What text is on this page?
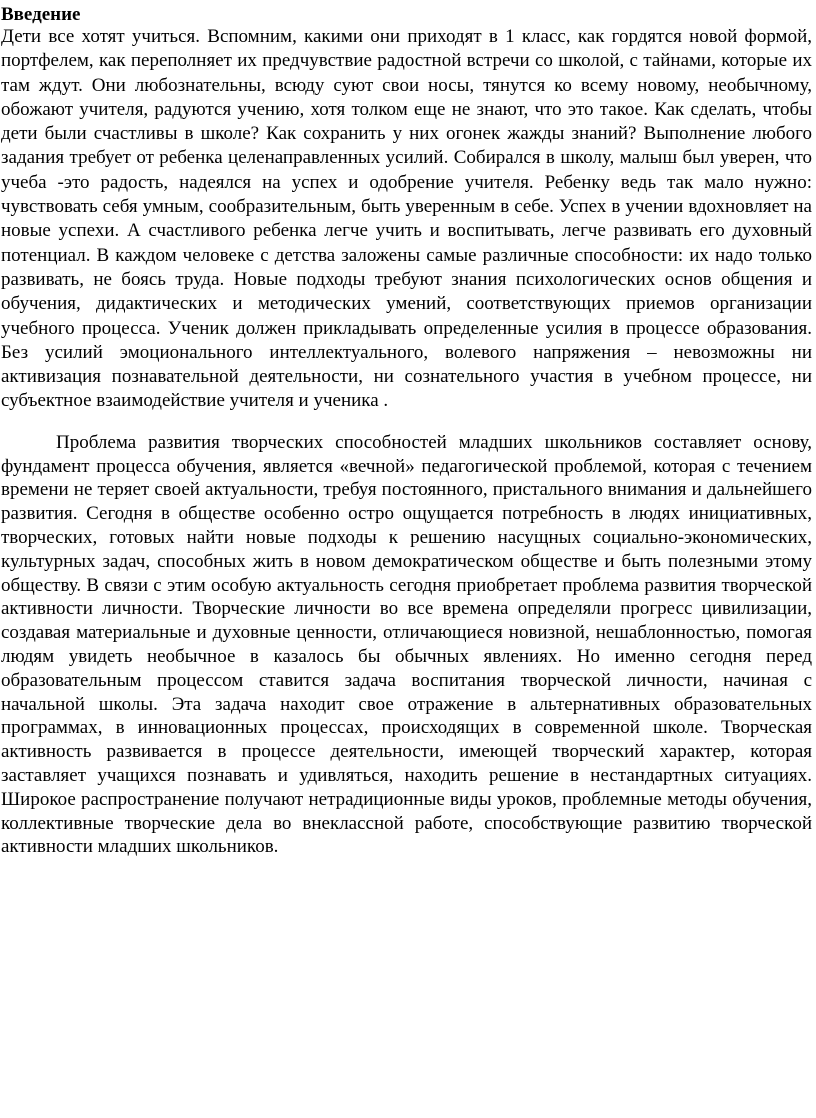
Введение

Дети все хотят учиться. Вспомним, какими они приходят в 1 класс, как гордятся новой формой, портфелем, как переполняет их предчувствие радостной встречи со школой, с тайнами, которые их там ждут. Они любознательны, всюду суют свои носы, тянутся ко всему новому, необычному, обожают учителя, радуются учению, хотя толком еще не знают, что это такое. Как сделать, чтобы дети были счастливы в школе? Как сохранить у них огонек жажды знаний? Выполнение любого задания требует от ребенка целенаправленных усилий. Собирался в школу, малыш был уверен, что учеба -это радость, надеялся на успех и одобрение учителя. Ребенку ведь так мало нужно: чувствовать себя умным, сообразительным, быть уверенным в себе. Успех в учении вдохновляет на новые успехи. А счастливого ребенка легче учить и воспитывать, легче развивать его духовный потенциал. В каждом человеке с детства заложены самые различные способности: их надо только развивать, не боясь труда. Новые подходы требуют знания психологических основ общения и обучения, дидактических и методических умений, соответствующих приемов организации учебного процесса. Ученик должен прикладывать определенные усилия в процессе образования. Без усилий эмоционального интеллектуального, волевого напряжения – невозможны ни активизация познавательной деятельности, ни сознательного участия в учебном процессе, ни субъектное взаимодействие учителя и ученика .

Проблема развития творческих способностей младших школьников составляет основу, фундамент процесса обучения, является «вечной» педагогической проблемой, которая с течением времени не теряет своей актуальности, требуя постоянного, пристального внимания и дальнейшего развития. Сегодня в обществе особенно остро ощущается потребность в людях инициативных, творческих, готовых найти новые подходы к решению насущных социально-экономических, культурных задач, способных жить в новом демократическом обществе и быть полезными этому обществу. В связи с этим особую актуальность сегодня приобретает проблема развития творческой активности личности. Творческие личности во все времена определяли прогресс цивилизации, создавая материальные и духовные ценности, отличающиеся новизной, нешаблонностью, помогая людям увидеть необычное в казалось бы обычных явлениях. Но именно сегодня перед образовательным процессом ставится задача воспитания творческой личности, начиная с начальной школы. Эта задача находит свое отражение в альтернативных образовательных программах, в инновационных процессах, происходящих в современной школе. Творческая активность развивается в процессе деятельности, имеющей творческий характер, которая заставляет учащихся познавать и удивляться, находить решение в нестандартных ситуациях. Широкое распространение получают нетрадиционные виды уроков, проблемные методы обучения, коллективные творческие дела во внеклассной работе, способствующие развитию творческой активности младших школьников.
